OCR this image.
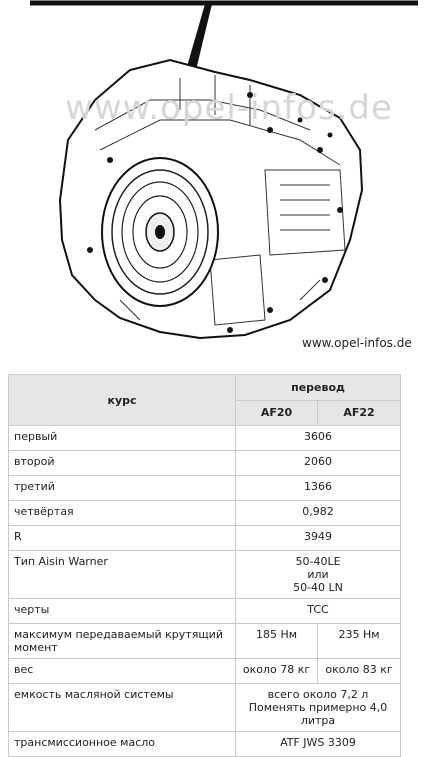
www.opel-infos.de
www.opel-infos.de
курс	перевод	
	AF20	AF22
первый	3606	
второй	2060	
третий	1366	
четвёртая	0,982	
R	3949	
Тип Aisin Warner	50-40LE
или
50-40 LN	

черты	TCC	
максимум передаваемый крутящий момент	185 Нм	235 Нм
вес	около 78 кг	около 83 кг
емкость масляной системы	всего около 7,2 л
Поменять примерно 4,0
литра	

трансмиссионное масло	ATF JWS 3309	
